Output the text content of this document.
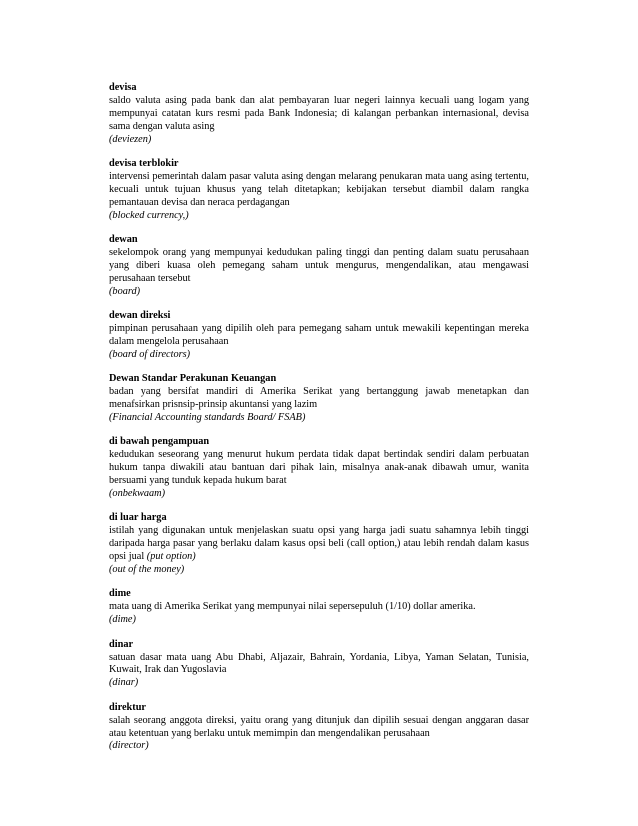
devisa
saldo valuta asing pada bank dan alat pembayaran luar negeri lainnya kecuali uang logam yang mempunyai catatan kurs resmi pada Bank Indonesia; di kalangan perbankan internasional, devisa sama dengan valuta asing
(deviezen)
devisa terblokir
intervensi pemerintah dalam pasar valuta asing dengan melarang penukaran mata uang asing tertentu, kecuali untuk tujuan khusus yang telah ditetapkan; kebijakan tersebut diambil dalam rangka pemantauan devisa dan neraca perdagangan
(blocked currency,)
dewan
sekelompok orang yang mempunyai kedudukan paling tinggi dan penting dalam suatu perusahaan yang diberi kuasa oleh pemegang saham untuk mengurus, mengendalikan, atau mengawasi perusahaan tersebut
(board)
dewan direksi
pimpinan perusahaan yang dipilih oleh para pemegang saham untuk mewakili kepentingan mereka dalam mengelola perusahaan
(board of directors)
Dewan Standar Perakunan Keuangan
badan yang bersifat mandiri di Amerika Serikat yang bertanggung jawab menetapkan dan menafsirkan prisnsip-prinsip akuntansi yang lazim
(Financial Accounting standards Board/ FSAB)
di bawah pengampuan
kedudukan seseorang yang menurut hukum perdata tidak dapat bertindak sendiri dalam perbuatan hukum tanpa diwakili atau bantuan dari pihak lain, misalnya anak-anak dibawah umur, wanita bersuami yang tunduk kepada hukum barat
(onbekwaam)
di luar harga
istilah yang digunakan untuk menjelaskan suatu opsi yang harga jadi suatu sahamnya lebih tinggi daripada harga pasar yang berlaku dalam kasus opsi beli (call option,) atau lebih rendah dalam kasus opsi jual (put option)
(out of the money)
dime
mata uang di Amerika Serikat yang mempunyai nilai sepersepuluh (1/10) dollar amerika.
(dime)
dinar
satuan dasar mata uang Abu Dhabi, Aljazair, Bahrain, Yordania, Libya, Yaman Selatan, Tunisia, Kuwait, Irak dan Yugoslavia
(dinar)
direktur
salah seorang anggota direksi, yaitu orang yang ditunjuk dan dipilih sesuai dengan anggaran dasar atau ketentuan yang berlaku untuk memimpin dan mengendalikan perusahaan
(director)
